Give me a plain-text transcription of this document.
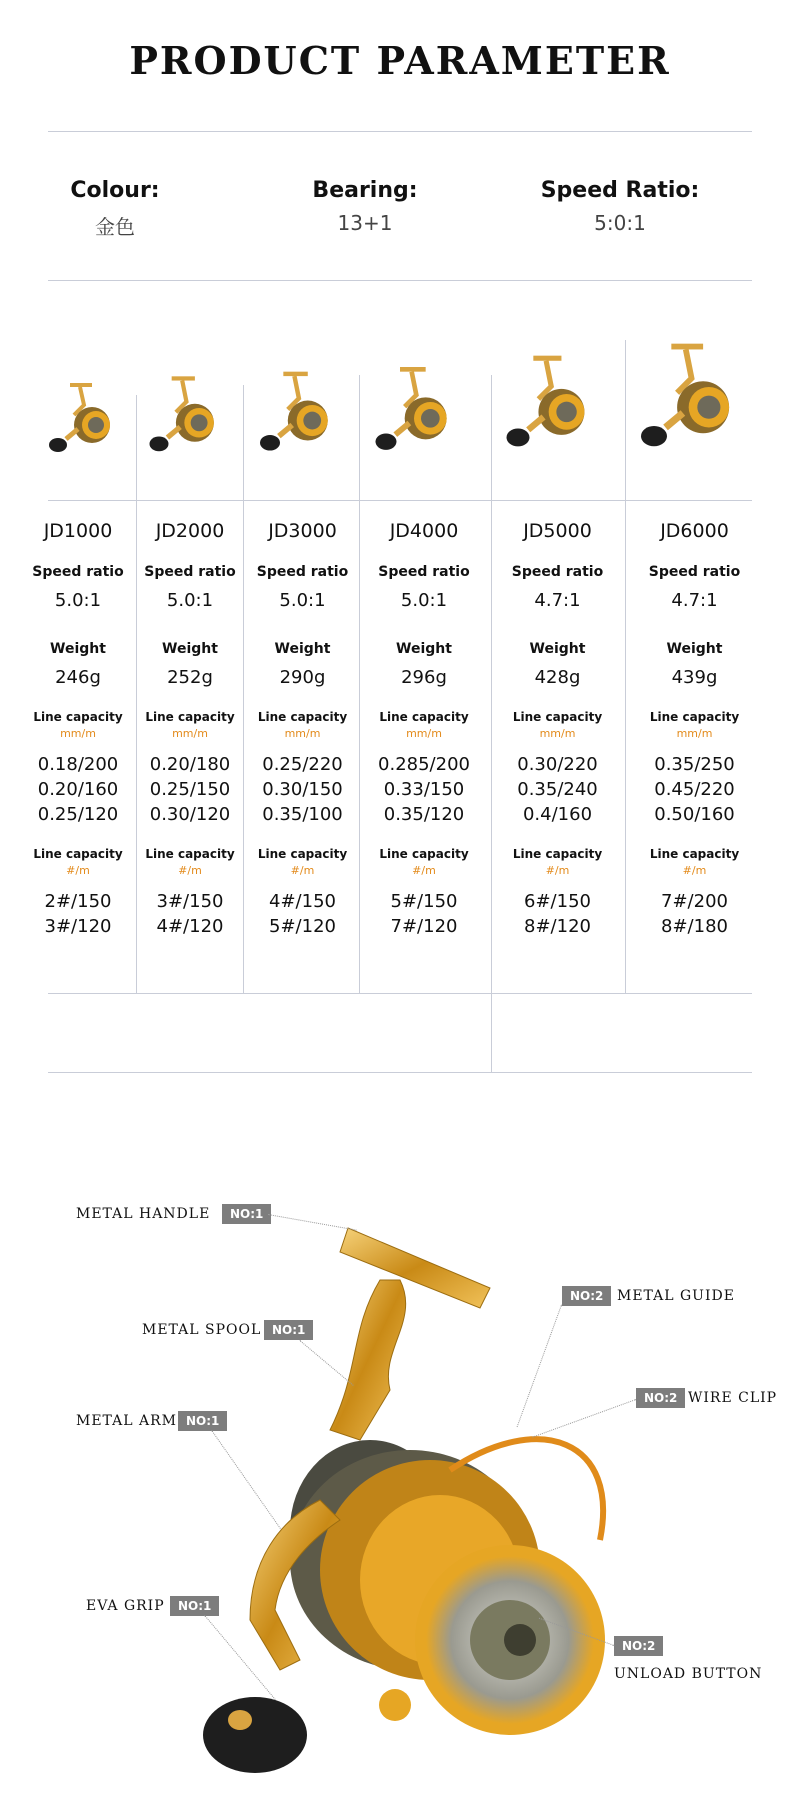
PRODUCT PARAMETER
Colour:
金色
Bearing:
13+1
Speed Ratio:
5:0:1
JD1000
Speed ratio
5.0:1
Weight
246g
Line capacity
mm/m
0.18/200
0.20/160
0.25/120
Line capacity
#/m
2#/150
3#/120
JD2000
Speed ratio
5.0:1
Weight
252g
Line capacity
mm/m
0.20/180
0.25/150
0.30/120
Line capacity
#/m
3#/150
4#/120
JD3000
Speed ratio
5.0:1
Weight
290g
Line capacity
mm/m
0.25/220
0.30/150
0.35/100
Line capacity
#/m
4#/150
5#/120
JD4000
Speed ratio
5.0:1
Weight
296g
Line capacity
mm/m
0.285/200
0.33/150
0.35/120
Line capacity
#/m
5#/150
7#/120
JD5000
Speed ratio
4.7:1
Weight
428g
Line capacity
mm/m
0.30/220
0.35/240
0.4/160
Line capacity
#/m
6#/150
8#/120
JD6000
Speed ratio
4.7:1
Weight
439g
Line capacity
mm/m
0.35/250
0.45/220
0.50/160
Line capacity
#/m
7#/200
8#/180
METAL HANDLE	NO:1
METAL SPOOL NO:1
METAL ARM NO:1
EVA GRIP	NO:1
NO:2 METAL GUIDE
NO:2 WIRE CLIP
NO:2
UNLOAD BUTTON
